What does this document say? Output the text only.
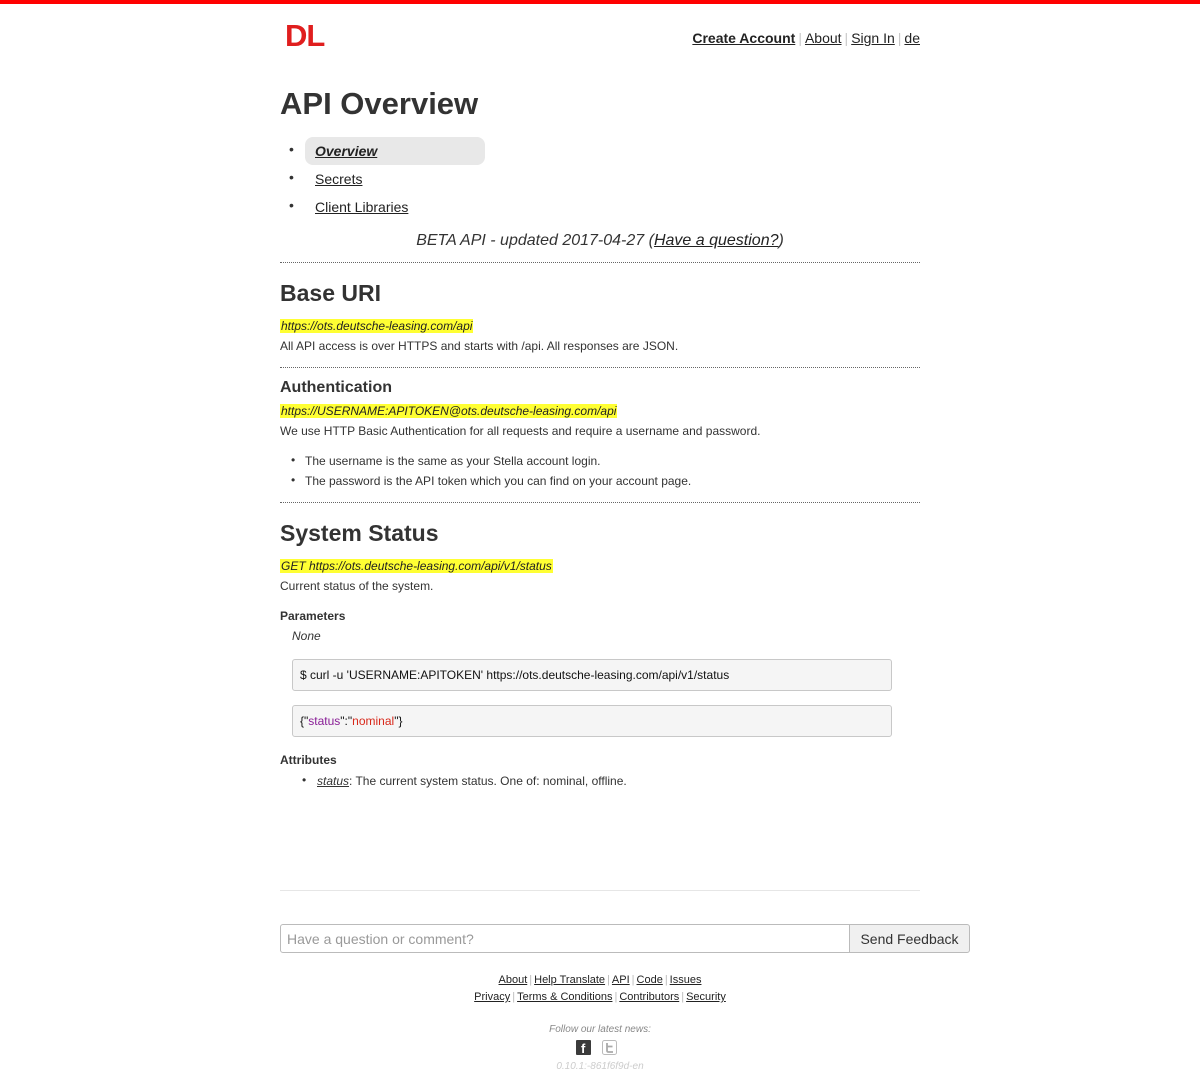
DL	Create Account | About | Sign In | de
API Overview
• Overview
• Secrets
• Client Libraries
BETA API - updated 2017-04-27 (Have a question?)
Base URI
https://ots.deutsche-leasing.com/api
All API access is over HTTPS and starts with /api. All responses are JSON.
Authentication
https://USERNAME:APITOKEN@ots.deutsche-leasing.com/api
We use HTTP Basic Authentication for all requests and require a username and password.
• The username is the same as your Stella account login.
• The password is the API token which you can find on your account page.
System Status
GET https://ots.deutsche-leasing.com/api/v1/status
Current status of the system.
Parameters
None
$ curl -u 'USERNAME:APITOKEN' https://ots.deutsche-leasing.com/api/v1/status
{"status":"nominal"}
Attributes
• status: The current system status. One of: nominal, offline.
Have a question or comment?
Send Feedback
About | Help Translate | API | Code | Issues
Privacy | Terms & Conditions | Contributors | Security
Follow our latest news:
f
0.10.1:-861f6f9d-en
